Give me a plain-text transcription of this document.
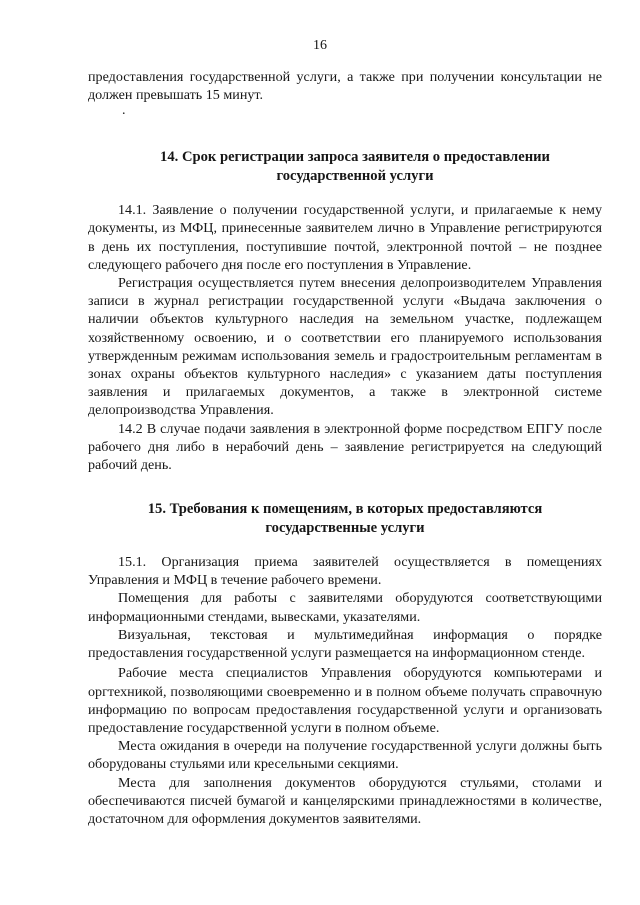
16

предоставления государственной услуги, а также при получении консультации не должен превышать 15 минут.

.
14. Срок регистрации запроса заявителя о предоставлении
государственной услуги

14.1. Заявление о получении государственной услуги, и прилагаемые к нему документы, из МФЦ, принесенные заявителем лично в Управление регистрируются в день их поступления, поступившие почтой, электронной почтой – не позднее следующего рабочего дня после его поступления в Управление.

Регистрация осуществляется путем внесения делопроизводителем Управления записи в журнал регистрации государственной услуги «Выдача заключения о наличии объектов культурного наследия на земельном участке, подлежащем хозяйственному освоению, и о соответствии его планируемого использования утвержденным режимам использования земель и градостроительным регламентам в зонах охраны объектов культурного наследия» с указанием даты поступления заявления и прилагаемых документов, а также в электронной системе делопроизводства Управления.

14.2 В случае подачи заявления в электронной форме посредством ЕПГУ после рабочего дня либо в нерабочий день – заявление регистрируется на следующий рабочий день.

15. Требования к помещениям, в которых предоставляются
государственные услуги

15.1. Организация приема заявителей осуществляется в помещениях Управления и МФЦ в течение рабочего времени.

Помещения для работы с заявителями оборудуются соответствующими информационными стендами, вывесками, указателями.

Визуальная, текстовая и мультимедийная информация о порядке предоставления государственной услуги размещается на информационном стенде.

Рабочие места специалистов Управления оборудуются компьютерами и оргтехникой, позволяющими своевременно и в полном объеме получать справочную информацию по вопросам предоставления государственной услуги и организовать предоставление государственной услуги в полном объеме.

Места ожидания в очереди на получение государственной услуги должны быть оборудованы стульями или кресельными секциями.

Места для заполнения документов оборудуются стульями, столами и обеспечиваются писчей бумагой и канцелярскими принадлежностями в количестве, достаточном для оформления документов заявителями.
